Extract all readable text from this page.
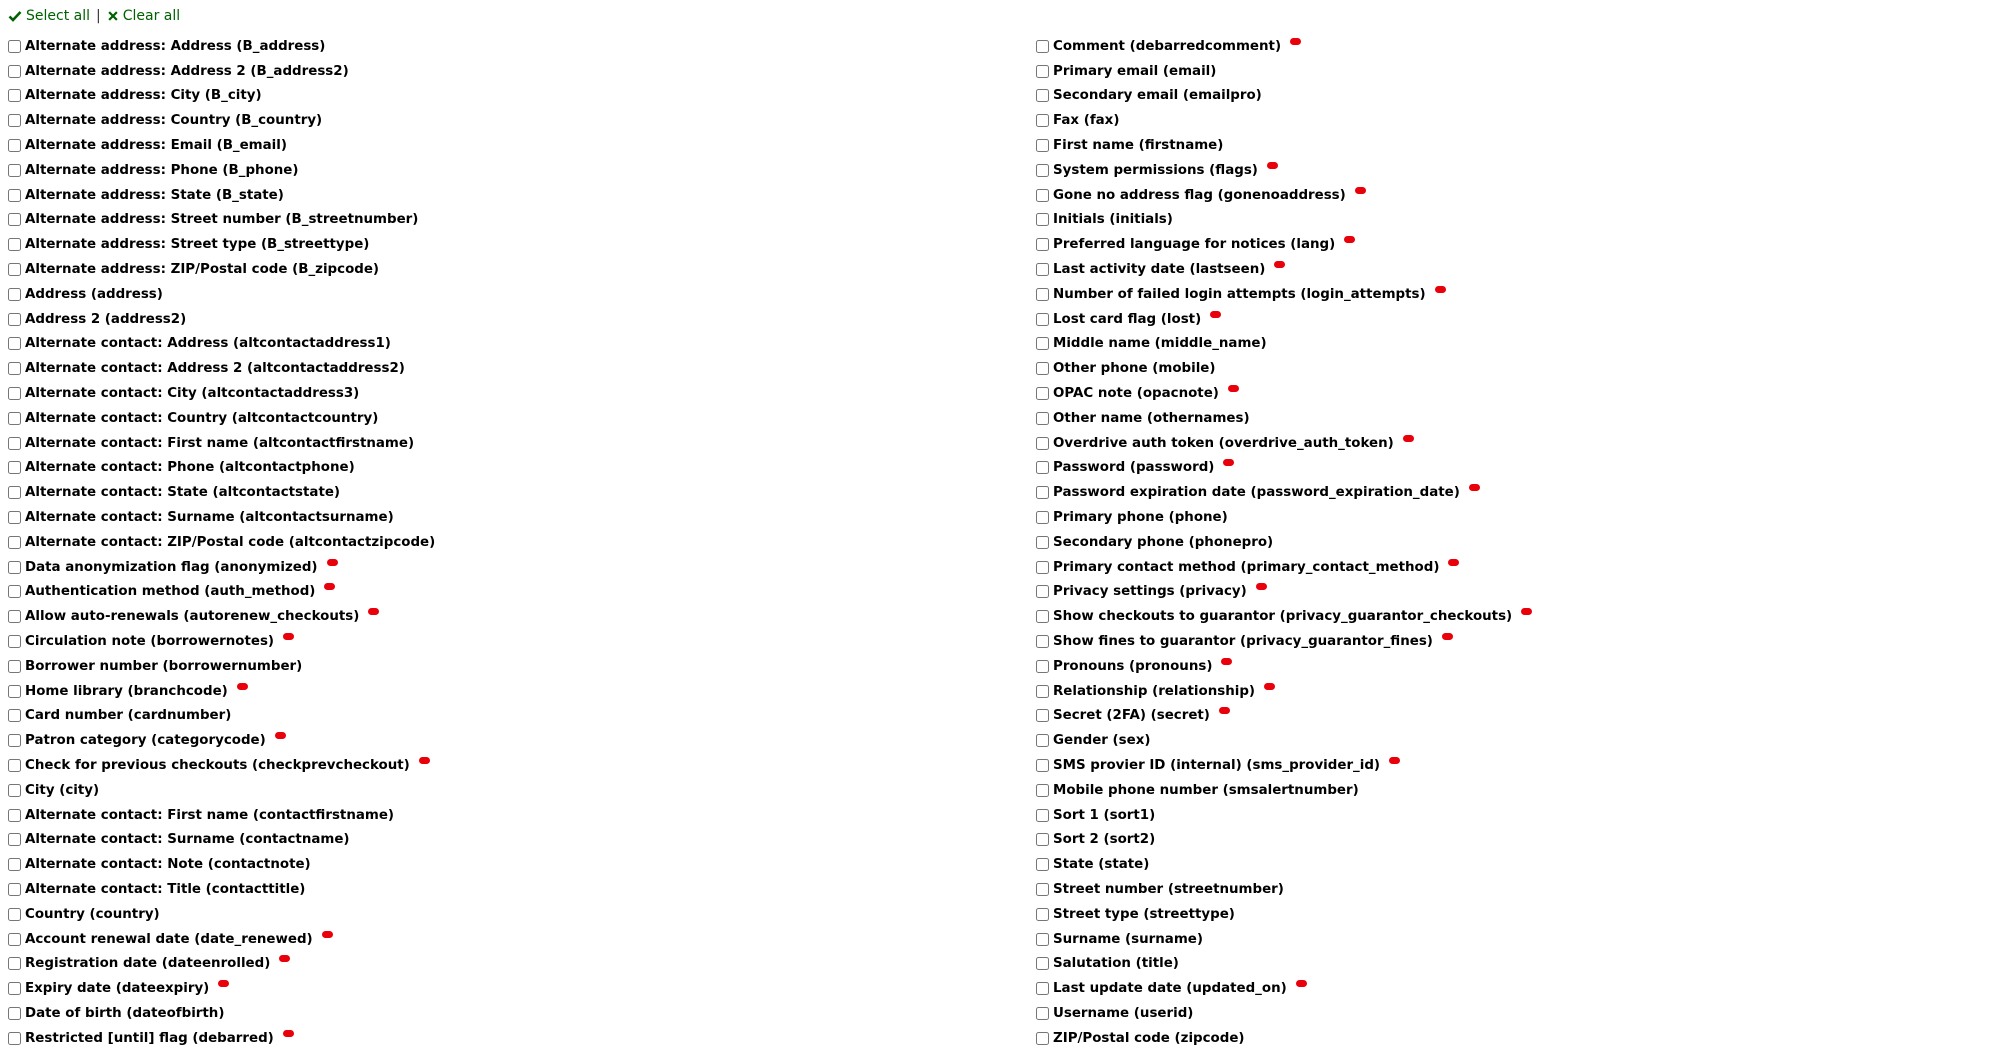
Select all | Clear all
Alternate address: Address (B_address)
Alternate address: Address 2 (B_address2)
Alternate address: City (B_city)
Alternate address: Country (B_country)
Alternate address: Email (B_email)
Alternate address: Phone (B_phone)
Alternate address: State (B_state)
Alternate address: Street number (B_streetnumber)
Alternate address: Street type (B_streettype)
Alternate address: ZIP/Postal code (B_zipcode)
Address (address)
Address 2 (address2)
Alternate contact: Address (altcontactaddress1)
Alternate contact: Address 2 (altcontactaddress2)
Alternate contact: City (altcontactaddress3)
Alternate contact: Country (altcontactcountry)
Alternate contact: First name (altcontactfirstname)
Alternate contact: Phone (altcontactphone)
Alternate contact: State (altcontactstate)
Alternate contact: Surname (altcontactsurname)
Alternate contact: ZIP/Postal code (altcontactzipcode)
Data anonymization flag (anonymized)
Authentication method (auth_method)
Allow auto-renewals (autorenew_checkouts)
Circulation note (borrowernotes)
Borrower number (borrowernumber)
Home library (branchcode)
Card number (cardnumber)
Patron category (categorycode)
Check for previous checkouts (checkprevcheckout)
City (city)
Alternate contact: First name (contactfirstname)
Alternate contact: Surname (contactname)
Alternate contact: Note (contactnote)
Alternate contact: Title (contacttitle)
Country (country)
Account renewal date (date_renewed)
Registration date (dateenrolled)
Expiry date (dateexpiry)
Date of birth (dateofbirth)
Restricted [until] flag (debarred)
Comment (debarredcomment)
Primary email (email)
Secondary email (emailpro)
Fax (fax)
First name (firstname)
System permissions (flags)
Gone no address flag (gonenoaddress)
Initials (initials)
Preferred language for notices (lang)
Last activity date (lastseen)
Number of failed login attempts (login_attempts)
Lost card flag (lost)
Middle name (middle_name)
Other phone (mobile)
OPAC note (opacnote)
Other name (othernames)
Overdrive auth token (overdrive_auth_token)
Password (password)
Password expiration date (password_expiration_date)
Primary phone (phone)
Secondary phone (phonepro)
Primary contact method (primary_contact_method)
Privacy settings (privacy)
Show checkouts to guarantor (privacy_guarantor_checkouts)
Show fines to guarantor (privacy_guarantor_fines)
Pronouns (pronouns)
Relationship (relationship)
Secret (2FA) (secret)
Gender (sex)
SMS provier ID (internal) (sms_provider_id)
Mobile phone number (smsalertnumber)
Sort 1 (sort1)
Sort 2 (sort2)
State (state)
Street number (streetnumber)
Street type (streettype)
Surname (surname)
Salutation (title)
Last update date (updated_on)
Username (userid)
ZIP/Postal code (zipcode)
